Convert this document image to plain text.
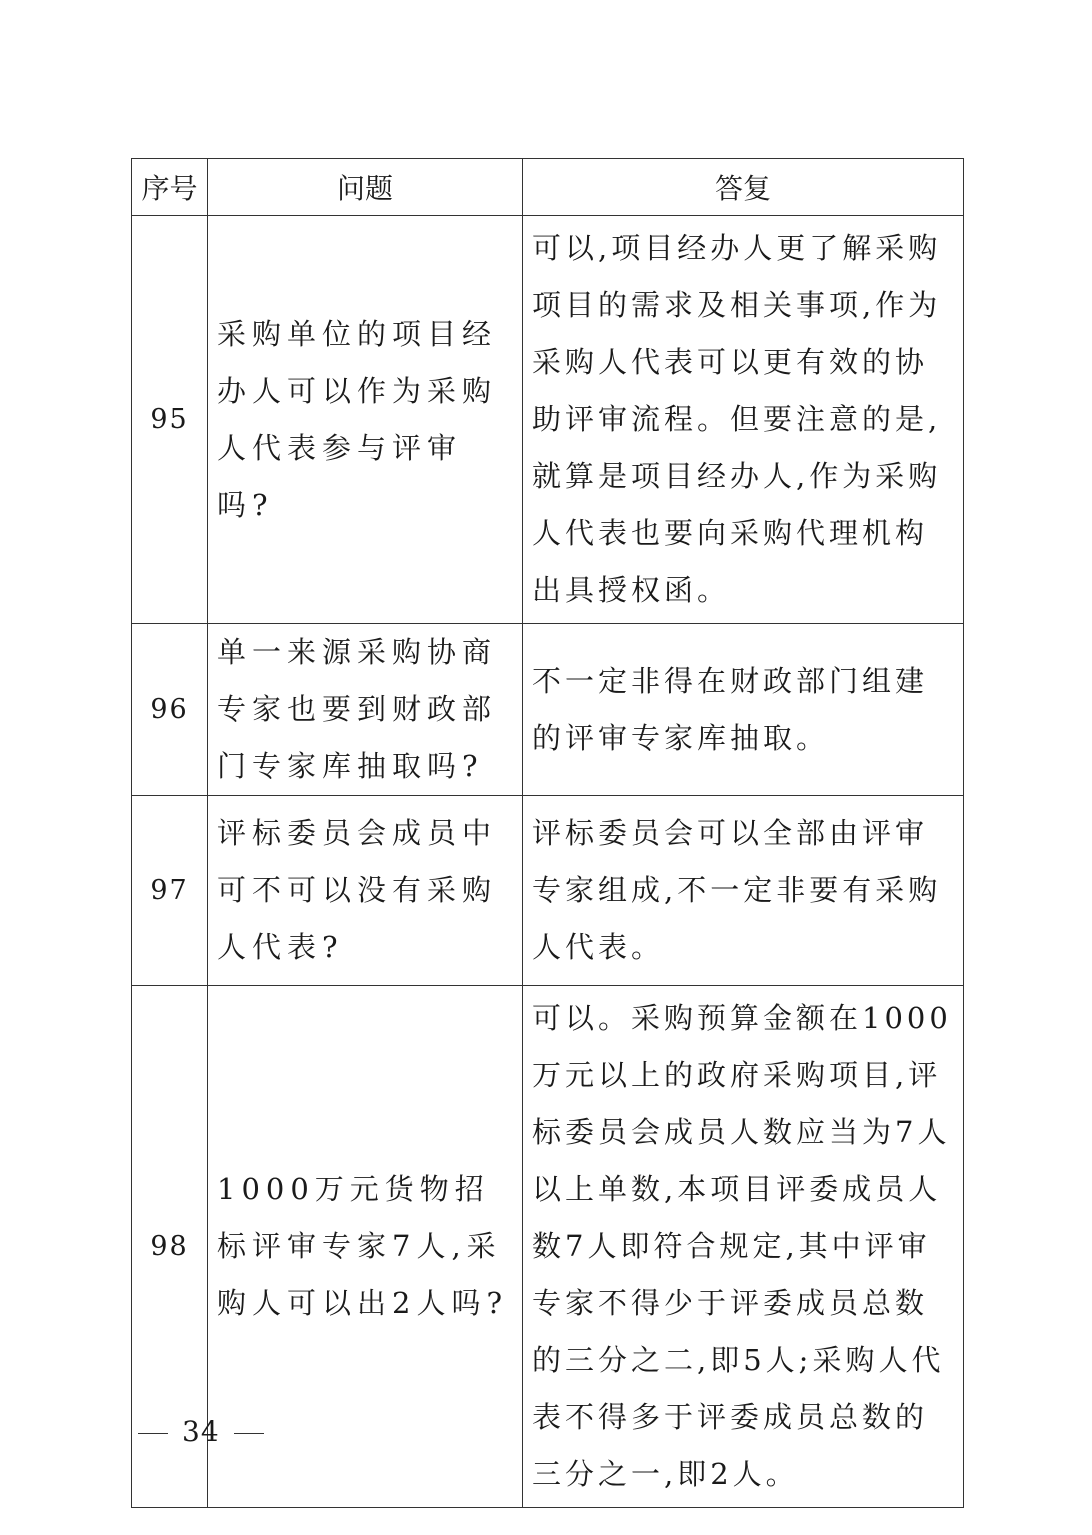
序号	问题	答复
95	采购单位的项目经办人可以作为采购人代表参与评审吗?	可以,项目经办人更了解采购项目的需求及相关事项,作为采购人代表可以更有效的协助评审流程。但要注意的是,就算是项目经办人,作为采购人代表也要向采购代理机构出具授权函。
96	单一来源采购协商专家也要到财政部门专家库抽取吗?	不一定非得在财政部门组建的评审专家库抽取。
97	评标委员会成员中可不可以没有采购人代表?	评标委员会可以全部由评审专家组成,不一定非要有采购人代表。
98	1000万元货物招标评审专家7人,采购人可以出2人吗?	可以。采购预算金额在1000万元以上的政府采购项目,评标委员会成员人数应当为7人以上单数,本项目评委成员人数7人即符合规定,其中评审专家不得少于评委成员总数的三分之二,即5人;采购人代表不得多于评委成员总数的三分之一,即2人。
34
